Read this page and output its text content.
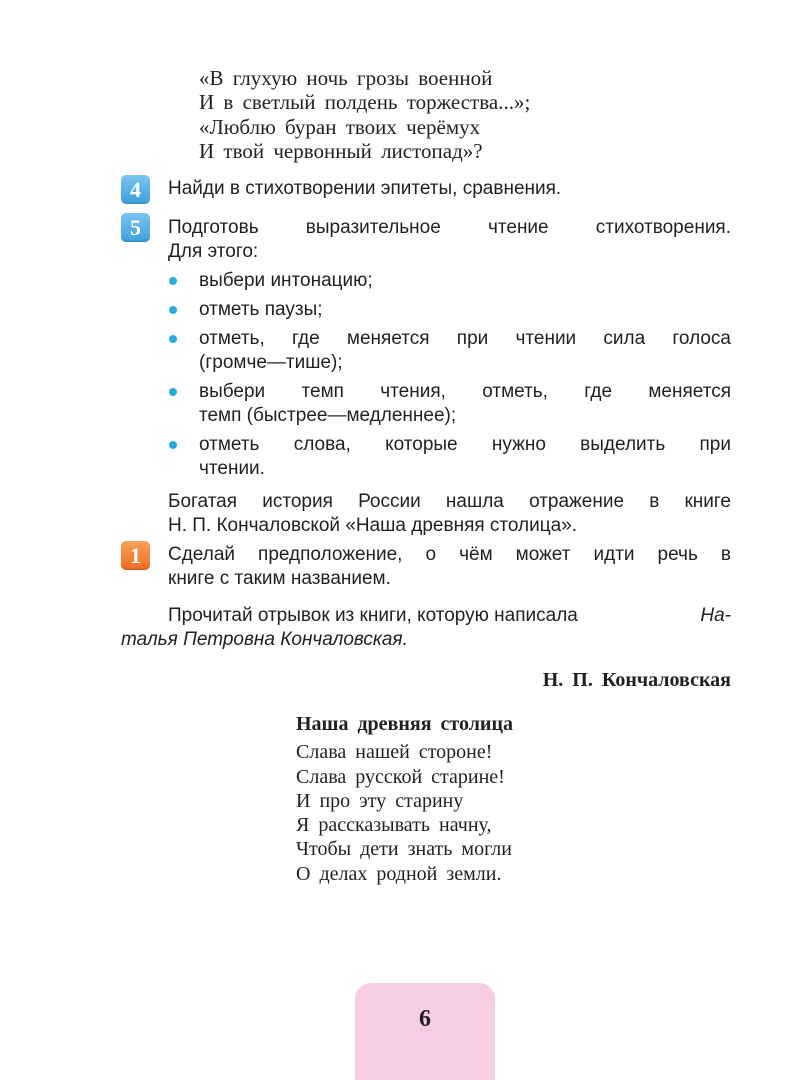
«В глухую ночь грозы военной
И в светлый полдень торжества...»;
«Люблю буран твоих черёмух
И твой червонный листопад»?
4	Найди в стихотворении эпитеты, сравнения.
5	Подготовь выразительное чтение стихотворения.
Для этого:
выбери интонацию;
отметь паузы;
отметь, где меняется при чтении сила голоса
(громче—тише);
выбери темп чтения, отметь, где меняется
темп (быстрее—медленнее);
отметь слова, которые нужно выделить при
чтении.
Богатая история России нашла отражение в книге
Н. П. Кончаловской «Наша древняя столица».
1	Сделай предположение, о чём может идти речь в
книге с таким названием.
Прочитай отрывок из книги, которую написала	На-
талья Петровна Кончаловская.
Н. П. Кончаловская
Наша древняя столица
Слава нашей стороне!
Слава русской старине!
И про эту старину
Я рассказывать начну,
Чтобы дети знать могли
О делах родной земли.
6
